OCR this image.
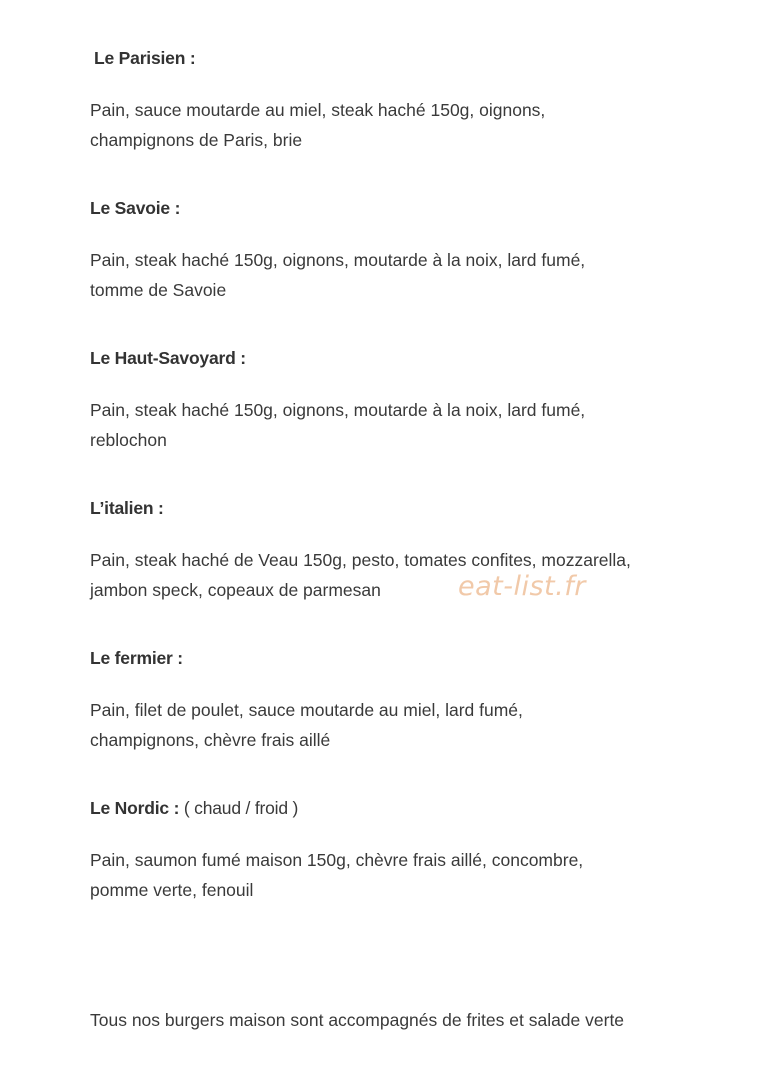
Le Parisien :

Pain, sauce moutarde au miel, steak haché 150g, oignons,
champignons de Paris, brie

Le Savoie :

Pain, steak haché 150g, oignons, moutarde à la noix, lard fumé,
tomme de Savoie

Le Haut-Savoyard :

Pain, steak haché 150g, oignons, moutarde à la noix, lard fumé,
reblochon

L’italien :

Pain, steak haché de Veau 150g, pesto, tomates confites, mozzarella,
jambon speck, copeaux de parmesan

Le fermier :

Pain, filet de poulet, sauce moutarde au miel, lard fumé,
champignons, chèvre frais aillé

Le Nordic : ( chaud / froid )

Pain, saumon fumé maison 150g, chèvre frais aillé, concombre,
pomme verte, fenouil

Tous nos burgers maison sont accompagnés de frites et salade verte

eat-list.fr
